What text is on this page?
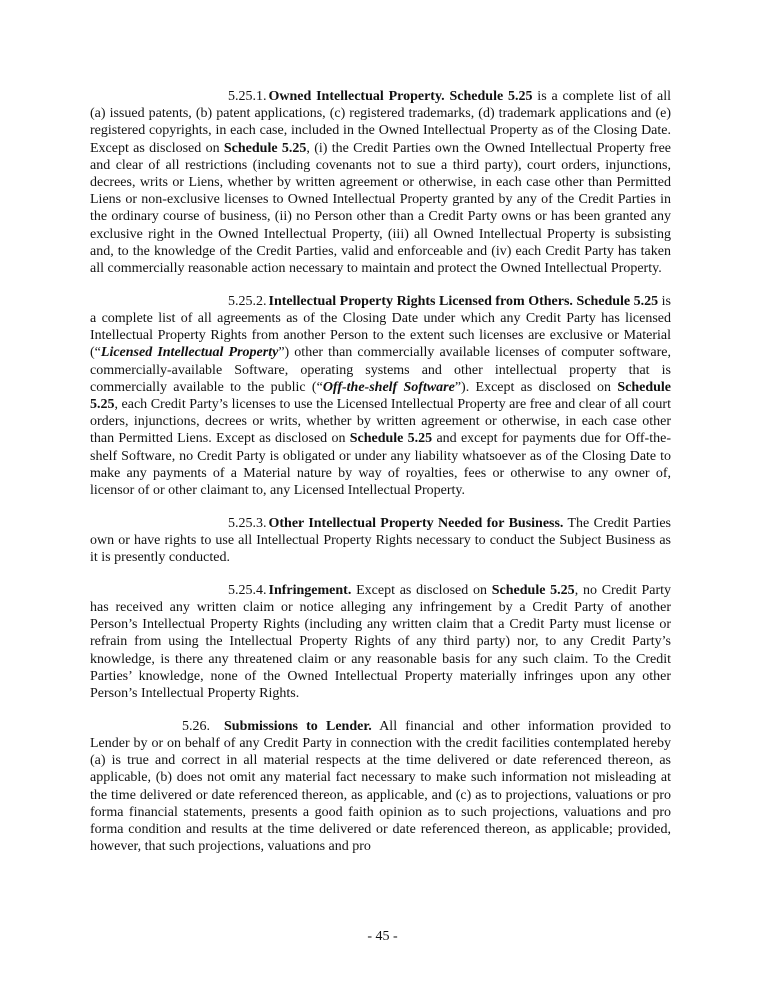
5.25.1. Owned Intellectual Property. Schedule 5.25 is a complete list of all (a) issued patents, (b) patent applications, (c) registered trademarks, (d) trademark applications and (e) registered copyrights, in each case, included in the Owned Intellectual Property as of the Closing Date. Except as disclosed on Schedule 5.25, (i) the Credit Parties own the Owned Intellectual Property free and clear of all restrictions (including covenants not to sue a third party), court orders, injunctions, decrees, writs or Liens, whether by written agreement or otherwise, in each case other than Permitted Liens or non-exclusive licenses to Owned Intellectual Property granted by any of the Credit Parties in the ordinary course of business, (ii) no Person other than a Credit Party owns or has been granted any exclusive right in the Owned Intellectual Property, (iii) all Owned Intellectual Property is subsisting and, to the knowledge of the Credit Parties, valid and enforceable and (iv) each Credit Party has taken all commercially reasonable action necessary to maintain and protect the Owned Intellectual Property.

5.25.2. Intellectual Property Rights Licensed from Others. Schedule 5.25 is a complete list of all agreements as of the Closing Date under which any Credit Party has licensed Intellectual Property Rights from another Person to the extent such licenses are exclusive or Material (“Licensed Intellectual Property”) other than commercially available licenses of computer software, commercially-available Software, operating systems and other intellectual property that is commercially available to the public (“Off-the-shelf Software”). Except as disclosed on Schedule 5.25, each Credit Party’s licenses to use the Licensed Intellectual Property are free and clear of all court orders, injunctions, decrees or writs, whether by written agreement or otherwise, in each case other than Permitted Liens. Except as disclosed on Schedule 5.25 and except for payments due for Off-the-shelf Software, no Credit Party is obligated or under any liability whatsoever as of the Closing Date to make any payments of a Material nature by way of royalties, fees or otherwise to any owner of, licensor of or other claimant to, any Licensed Intellectual Property.

5.25.3. Other Intellectual Property Needed for Business. The Credit Parties own or have rights to use all Intellectual Property Rights necessary to conduct the Subject Business as it is presently conducted.

5.25.4. Infringement. Except as disclosed on Schedule 5.25, no Credit Party has received any written claim or notice alleging any infringement by a Credit Party of another Person’s Intellectual Property Rights (including any written claim that a Credit Party must license or refrain from using the Intellectual Property Rights of any third party) nor, to any Credit Party’s knowledge, is there any threatened claim or any reasonable basis for any such claim. To the Credit Parties’ knowledge, none of the Owned Intellectual Property materially infringes upon any other Person’s Intellectual Property Rights.

5.26. Submissions to Lender. All financial and other information provided to Lender by or on behalf of any Credit Party in connection with the credit facilities contemplated hereby (a) is true and correct in all material respects at the time delivered or date referenced thereon, as applicable, (b) does not omit any material fact necessary to make such information not misleading at the time delivered or date referenced thereon, as applicable, and (c) as to projections, valuations or pro forma financial statements, presents a good faith opinion as to such projections, valuations and pro forma condition and results at the time delivered or date referenced thereon, as applicable; provided, however, that such projections, valuations and pro

- 45 -
